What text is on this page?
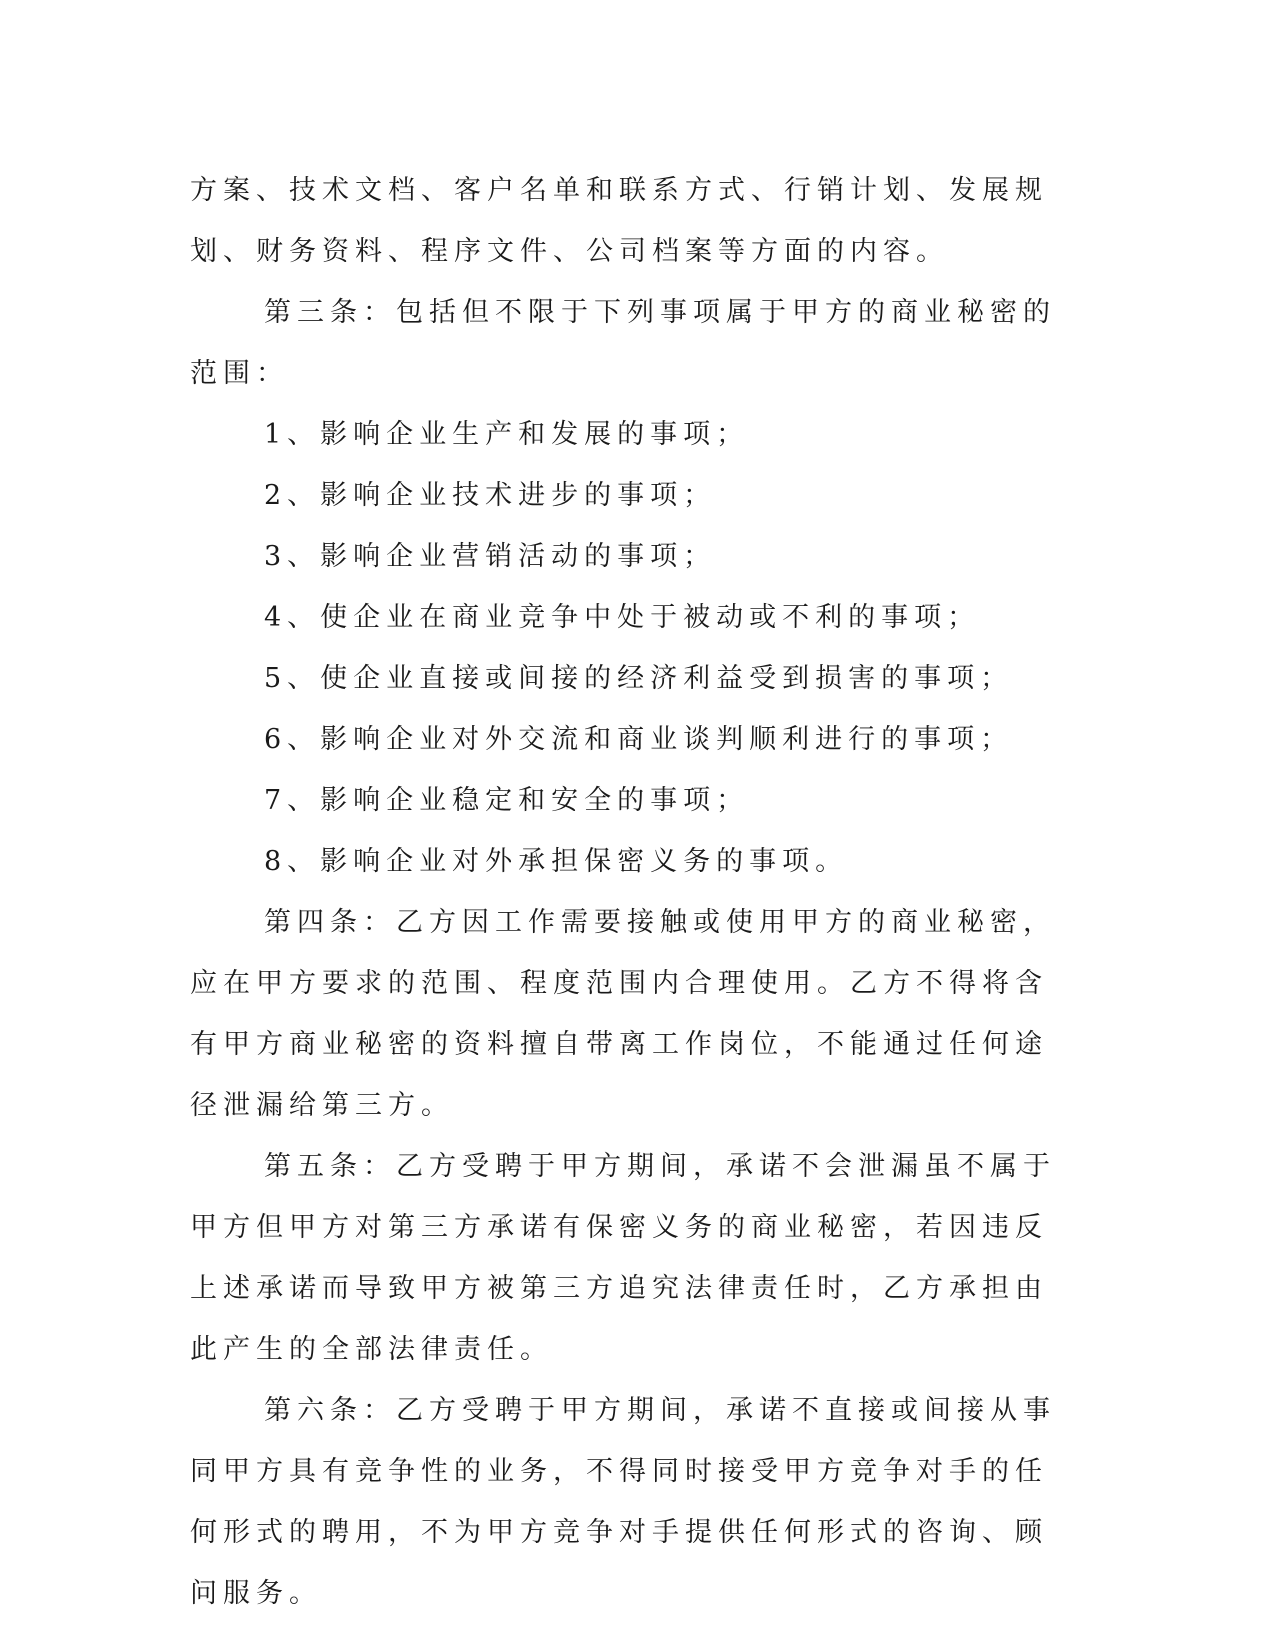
方案、技术文档、客户名单和联系方式、行销计划、发展规划、财务资料、程序文件、公司档案等方面的内容。

第三条：包括但不限于下列事项属于甲方的商业秘密的范围：

1、影响企业生产和发展的事项；

2、影响企业技术进步的事项；

3、影响企业营销活动的事项；

4、使企业在商业竞争中处于被动或不利的事项；

5、使企业直接或间接的经济利益受到损害的事项；

6、影响企业对外交流和商业谈判顺利进行的事项；

7、影响企业稳定和安全的事项；

8、影响企业对外承担保密义务的事项。

第四条：乙方因工作需要接触或使用甲方的商业秘密，应在甲方要求的范围、程度范围内合理使用。乙方不得将含有甲方商业秘密的资料擅自带离工作岗位，不能通过任何途径泄漏给第三方。

第五条：乙方受聘于甲方期间，承诺不会泄漏虽不属于甲方但甲方对第三方承诺有保密义务的商业秘密，若因违反上述承诺而导致甲方被第三方追究法律责任时，乙方承担由此产生的全部法律责任。

第六条：乙方受聘于甲方期间，承诺不直接或间接从事同甲方具有竞争性的业务，不得同时接受甲方竞争对手的任何形式的聘用，不为甲方竞争对手提供任何形式的咨询、顾问服务。
